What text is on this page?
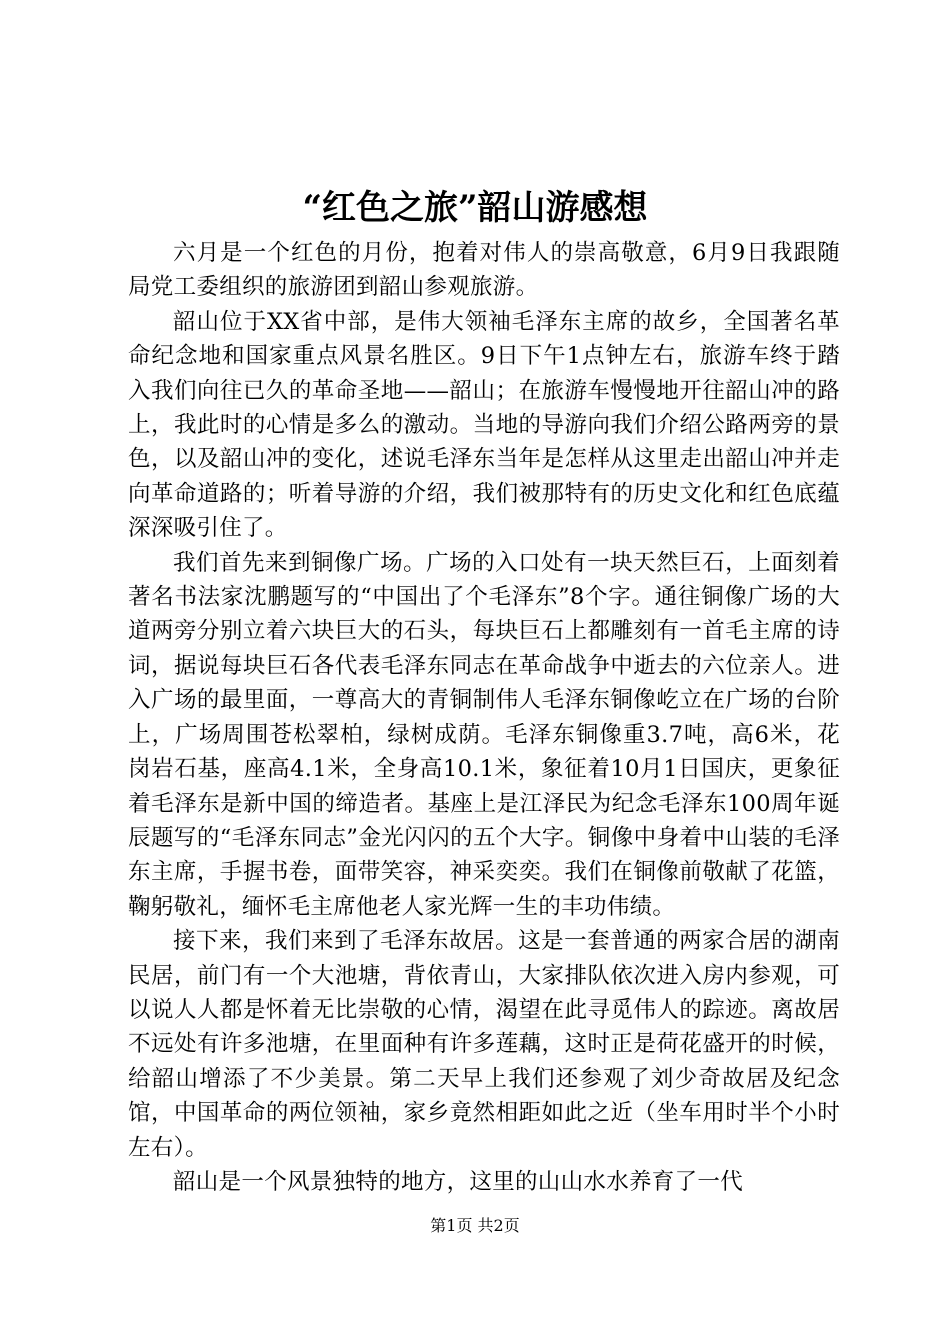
“红色之旅”韶山游感想

六月是一个红色的月份，抱着对伟人的崇高敬意，6月9日我跟随局党工委组织的旅游团到韶山参观旅游。

韶山位于XX省中部，是伟大领袖毛泽东主席的故乡，全国著名革命纪念地和国家重点风景名胜区。9日下午1点钟左右，旅游车终于踏入我们向往已久的革命圣地——韶山；在旅游车慢慢地开往韶山冲的路上，我此时的心情是多么的激动。当地的导游向我们介绍公路两旁的景色，以及韶山冲的变化，述说毛泽东当年是怎样从这里走出韶山冲并走向革命道路的；听着导游的介绍，我们被那特有的历史文化和红色底蕴深深吸引住了。

我们首先来到铜像广场。广场的入口处有一块天然巨石，上面刻着著名书法家沈鹏题写的“中国出了个毛泽东”8个字。通往铜像广场的大道两旁分别立着六块巨大的石头，每块巨石上都雕刻有一首毛主席的诗词，据说每块巨石各代表毛泽东同志在革命战争中逝去的六位亲人。进入广场的最里面，一尊高大的青铜制伟人毛泽东铜像屹立在广场的台阶上，广场周围苍松翠柏，绿树成荫。毛泽东铜像重3.7吨，高6米，花岗岩石基，座高4.1米，全身高10.1米，象征着10月1日国庆，更象征着毛泽东是新中国的缔造者。基座上是江泽民为纪念毛泽东100周年诞辰题写的“毛泽东同志”金光闪闪的五个大字。铜像中身着中山装的毛泽东主席，手握书卷，面带笑容，神采奕奕。我们在铜像前敬献了花篮，鞠躬敬礼，缅怀毛主席他老人家光辉一生的丰功伟绩。

接下来，我们来到了毛泽东故居。这是一套普通的两家合居的湖南民居，前门有一个大池塘，背依青山，大家排队依次进入房内参观，可以说人人都是怀着无比崇敬的心情，渴望在此寻觅伟人的踪迹。离故居不远处有许多池塘，在里面种有许多莲藕，这时正是荷花盛开的时候，给韶山增添了不少美景。第二天早上我们还参观了刘少奇故居及纪念馆，中国革命的两位领袖，家乡竟然相距如此之近（坐车用时半个小时左右）。

韶山是一个风景独特的地方，这里的山山水水养育了一代

第1页 共2页
